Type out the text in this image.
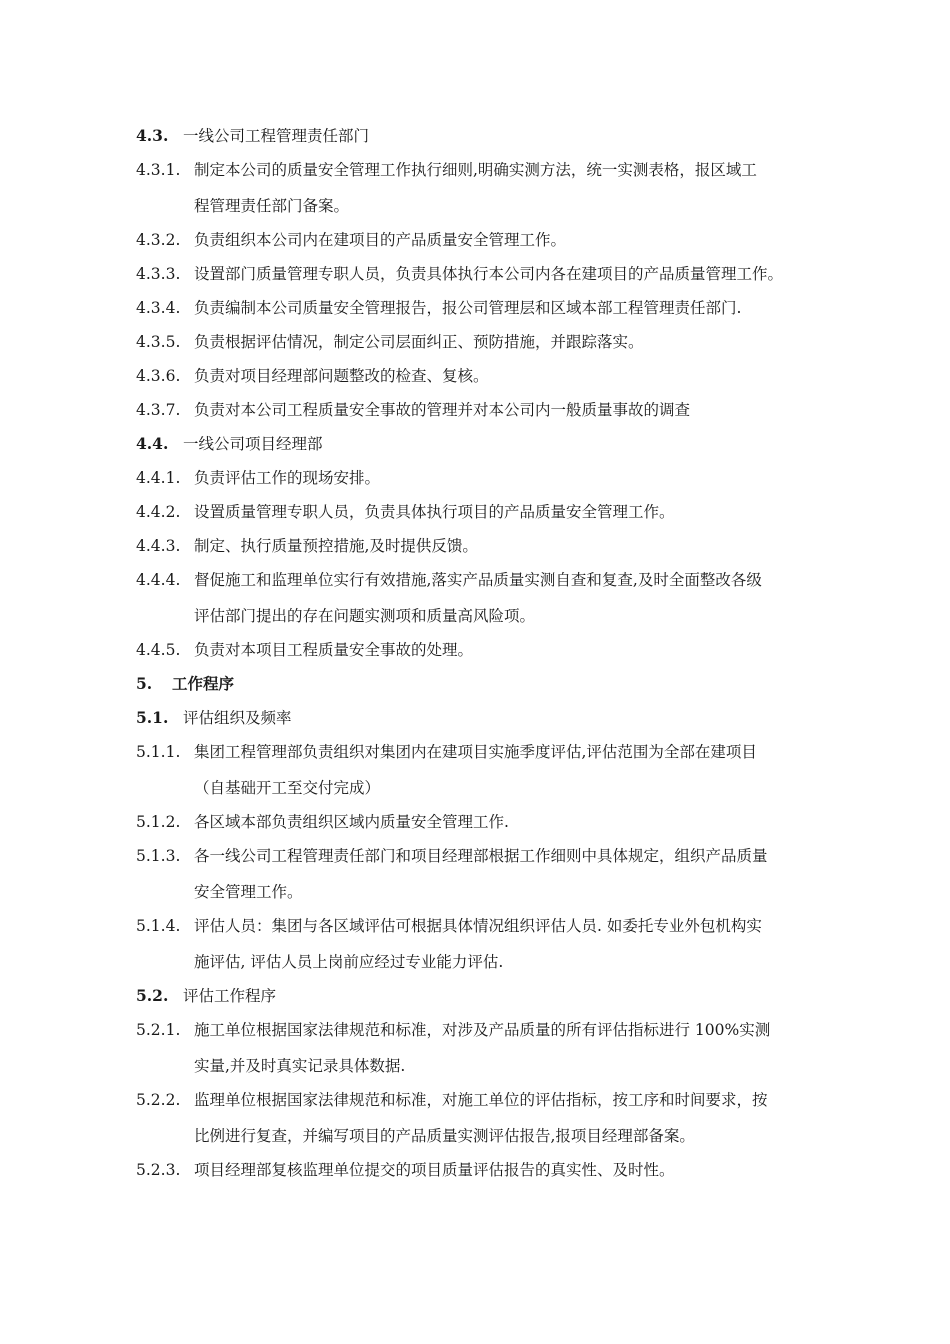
4.3. 一线公司工程管理责任部门
4.3.1. 制定本公司的质量安全管理工作执行细则,明确实测方法，统一实测表格，报区域工
程管理责任部门备案。
4.3.2. 负责组织本公司内在建项目的产品质量安全管理工作。
4.3.3. 设置部门质量管理专职人员，负责具体执行本公司内各在建项目的产品质量管理工作。
4.3.4. 负责编制本公司质量安全管理报告，报公司管理层和区域本部工程管理责任部门.
4.3.5. 负责根据评估情况，制定公司层面纠正、预防措施，并跟踪落实。
4.3.6. 负责对项目经理部问题整改的检查、复核。
4.3.7. 负责对本公司工程质量安全事故的管理并对本公司内一般质量事故的调查
4.4. 一线公司项目经理部
4.4.1. 负责评估工作的现场安排。
4.4.2. 设置质量管理专职人员，负责具体执行项目的产品质量安全管理工作。
4.4.3. 制定、执行质量预控措施,及时提供反馈。
4.4.4. 督促施工和监理单位实行有效措施,落实产品质量实测自查和复查,及时全面整改各级
评估部门提出的存在问题实测项和质量高风险项。
4.4.5. 负责对本项目工程质量安全事故的处理。
5. 工作程序
5.1. 评估组织及频率
5.1.1. 集团工程管理部负责组织对集团内在建项目实施季度评估,评估范围为全部在建项目
（自基础开工至交付完成）
5.1.2. 各区域本部负责组织区域内质量安全管理工作.
5.1.3. 各一线公司工程管理责任部门和项目经理部根据工作细则中具体规定，组织产品质量
安全管理工作。
5.1.4. 评估人员：集团与各区域评估可根据具体情况组织评估人员. 如委托专业外包机构实
施评估, 评估人员上岗前应经过专业能力评估.
5.2. 评估工作程序
5.2.1. 施工单位根据国家法律规范和标准，对涉及产品质量的所有评估指标进行 100%实测
实量,并及时真实记录具体数据.
5.2.2. 监理单位根据国家法律规范和标准，对施工单位的评估指标，按工序和时间要求，按
比例进行复查，并编写项目的产品质量实测评估报告,报项目经理部备案。
5.2.3. 项目经理部复核监理单位提交的项目质量评估报告的真实性、及时性。
